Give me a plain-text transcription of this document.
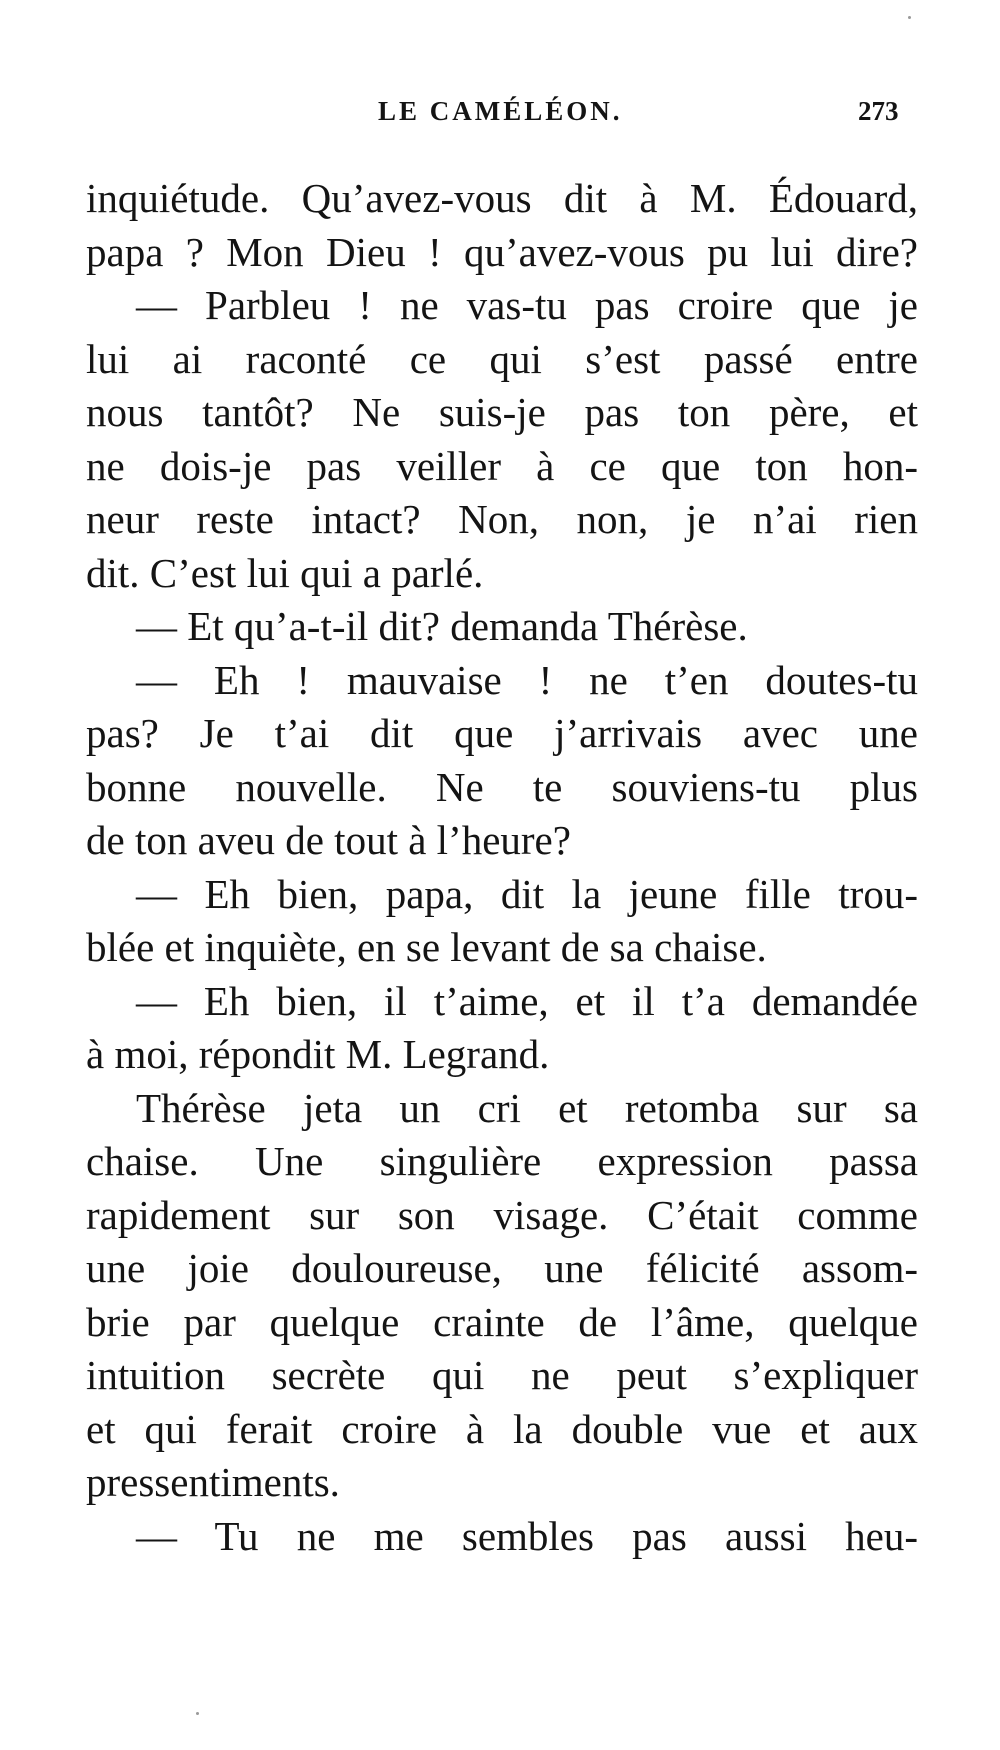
LE CAMÉLÉON.	273
inquiétude. Qu’avez-vous dit à M. Édouard,
papa ? Mon Dieu ! qu’avez-vous pu lui dire?
— Parbleu ! ne vas-tu pas croire que je
lui ai raconté ce qui s’est passé entre
nous tantôt? Ne suis-je pas ton père, et
ne dois-je pas veiller à ce que ton hon-
neur reste intact? Non, non, je n’ai rien
dit. C’est lui qui a parlé.
— Et qu’a-t-il dit? demanda Thérèse.
— Eh ! mauvaise ! ne t’en doutes-tu
pas? Je t’ai dit que j’arrivais avec une
bonne nouvelle. Ne te souviens-tu plus
de ton aveu de tout à l’heure?
— Eh bien, papa, dit la jeune fille trou-
blée et inquiète, en se levant de sa chaise.
— Eh bien, il t’aime, et il t’a demandée
à moi, répondit M. Legrand.
Thérèse jeta un cri et retomba sur sa
chaise. Une singulière expression passa
rapidement sur son visage. C’était comme
une joie douloureuse, une félicité assom-
brie par quelque crainte de l’âme, quelque
intuition secrète qui ne peut s’expliquer
et qui ferait croire à la double vue et aux
pressentiments.
— Tu ne me sembles pas aussi heu-
